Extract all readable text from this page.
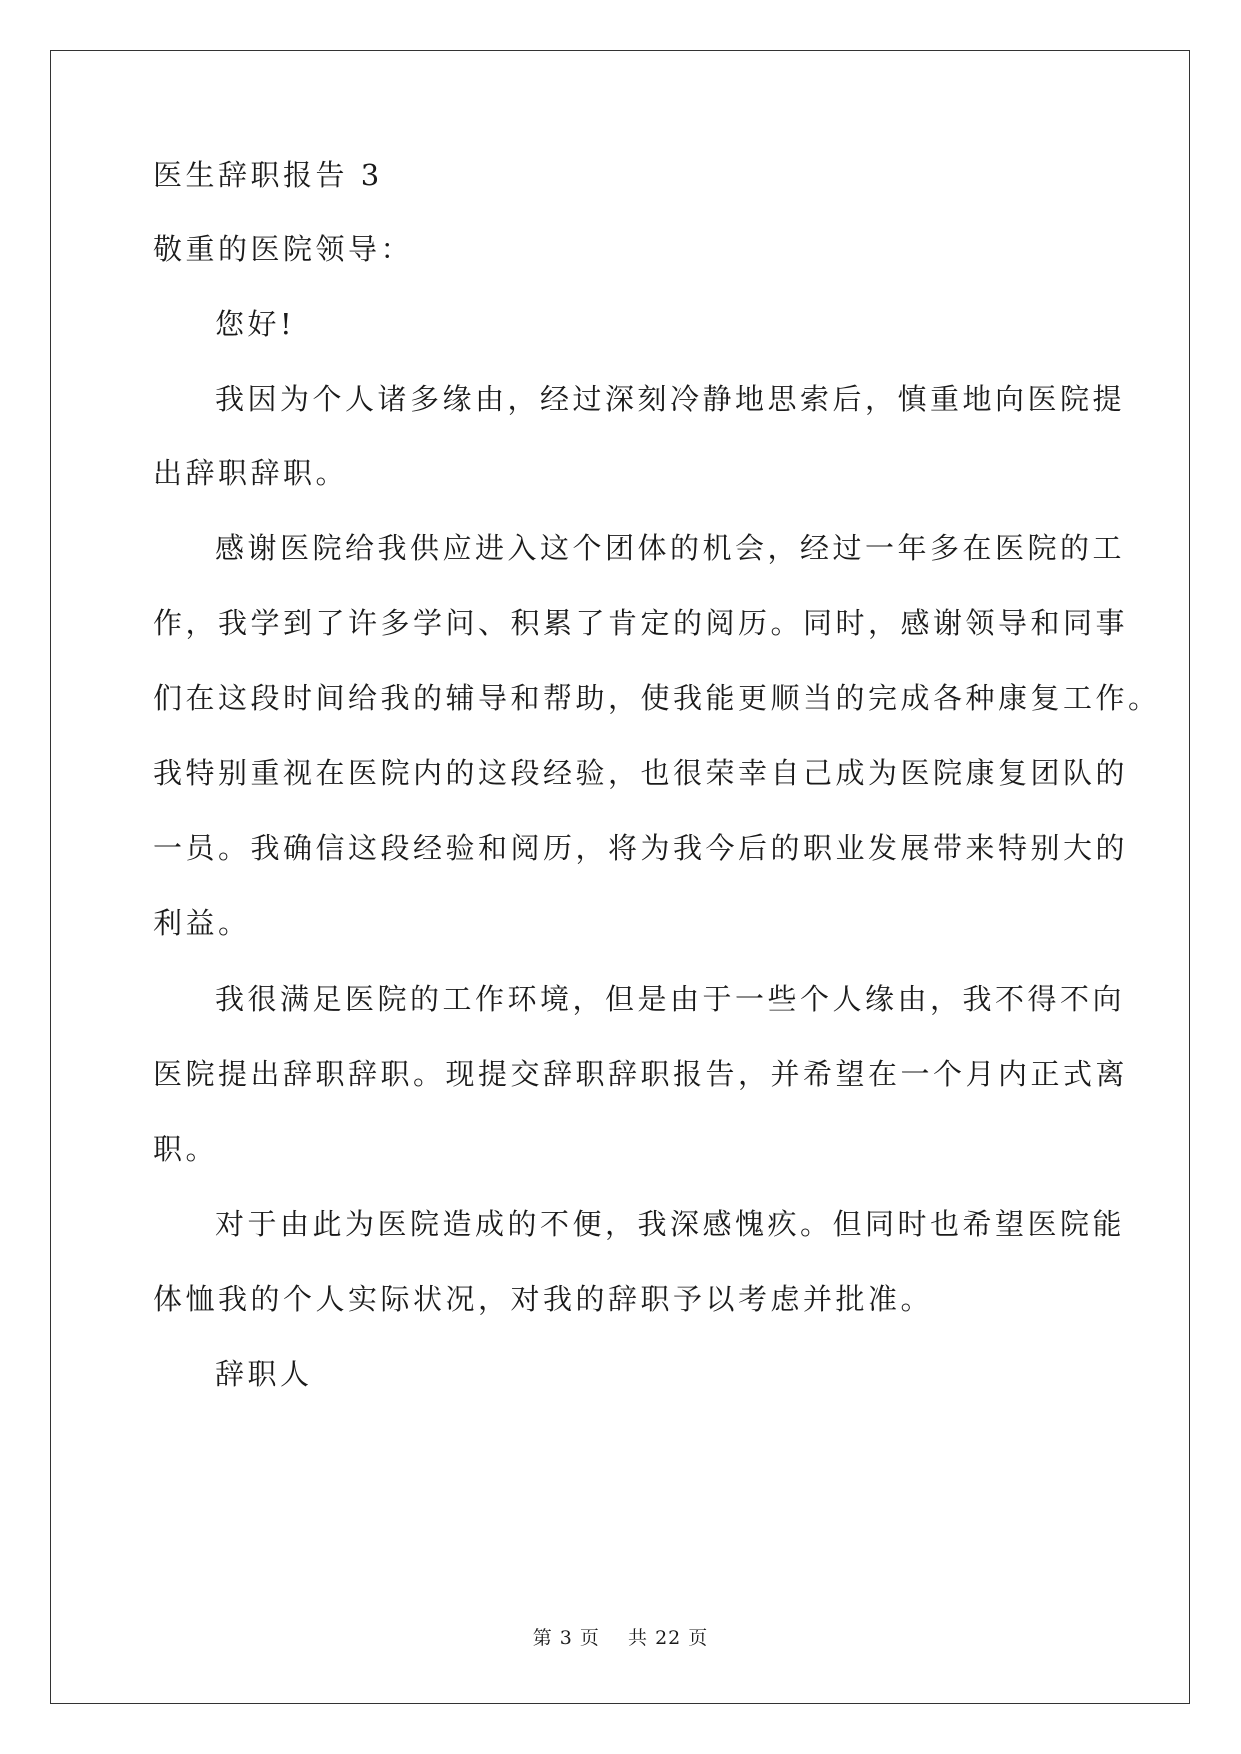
医生辞职报告 3
敬重的医院领导：
您好!
我因为个人诸多缘由，经过深刻冷静地思索后，慎重地向医院提
出辞职辞职。
感谢医院给我供应进入这个团体的机会，经过一年多在医院的工
作，我学到了许多学问、积累了肯定的阅历。同时，感谢领导和同事
们在这段时间给我的辅导和帮助，使我能更顺当的完成各种康复工作。
我特别重视在医院内的这段经验，也很荣幸自己成为医院康复团队的
一员。我确信这段经验和阅历，将为我今后的职业发展带来特别大的
利益。
我很满足医院的工作环境，但是由于一些个人缘由，我不得不向
医院提出辞职辞职。现提交辞职辞职报告，并希望在一个月内正式离
职。
对于由此为医院造成的不便，我深感愧疚。但同时也希望医院能
体恤我的个人实际状况，对我的辞职予以考虑并批准。
辞职人
第 3 页    共 22 页
